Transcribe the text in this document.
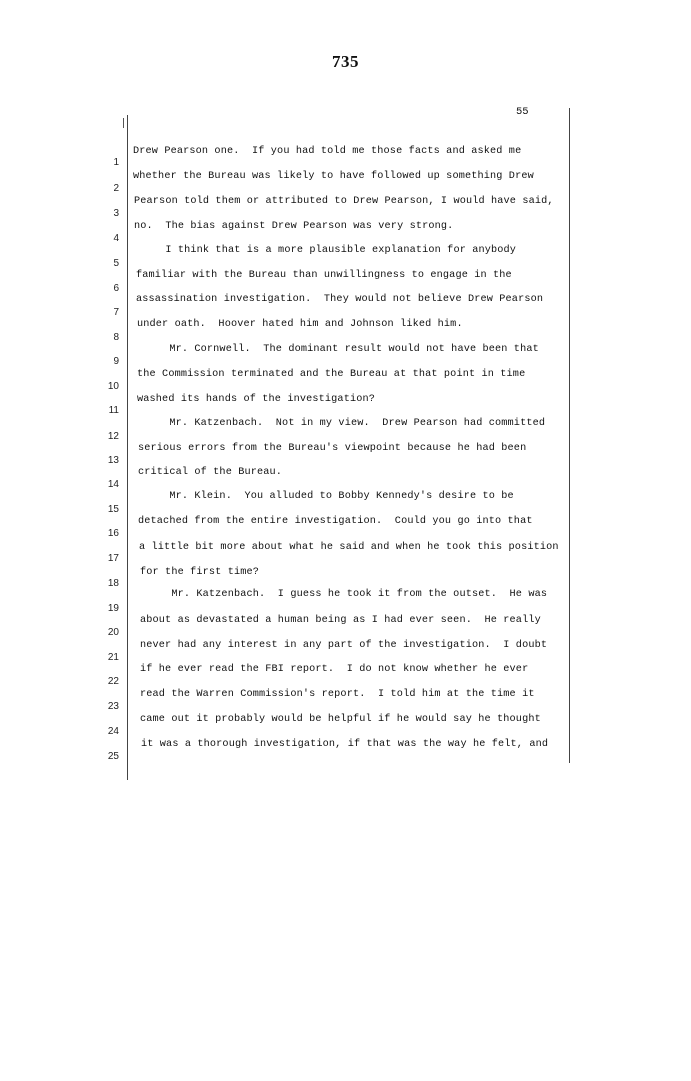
735
55
1
2
3
4
5
6
7
8
9
10
11
12
13
14
15
16
17
18
19
20
21
22
23
24
25
Drew Pearson one.  If you had told me those facts and asked me
whether the Bureau was likely to have followed up something Drew
Pearson told them or attributed to Drew Pearson, I would have said,
no.  The bias against Drew Pearson was very strong.
I think that is a more plausible explanation for anybody
familiar with the Bureau than unwillingness to engage in the
assassination investigation.  They would not believe Drew Pearson
under oath.  Hoover hated him and Johnson liked him.
Mr. Cornwell.  The dominant result would not have been that
the Commission terminated and the Bureau at that point in time
washed its hands of the investigation?
Mr. Katzenbach.  Not in my view.  Drew Pearson had committed
serious errors from the Bureau's viewpoint because he had been
critical of the Bureau.
Mr. Klein.  You alluded to Bobby Kennedy's desire to be
detached from the entire investigation.  Could you go into that
a little bit more about what he said and when he took this position
for the first time?
Mr. Katzenbach.  I guess he took it from the outset.  He was
about as devastated a human being as I had ever seen.  He really
never had any interest in any part of the investigation.  I doubt
if he ever read the FBI report.  I do not know whether he ever
read the Warren Commission's report.  I told him at the time it
came out it probably would be helpful if he would say he thought
it was a thorough investigation, if that was the way he felt, and
